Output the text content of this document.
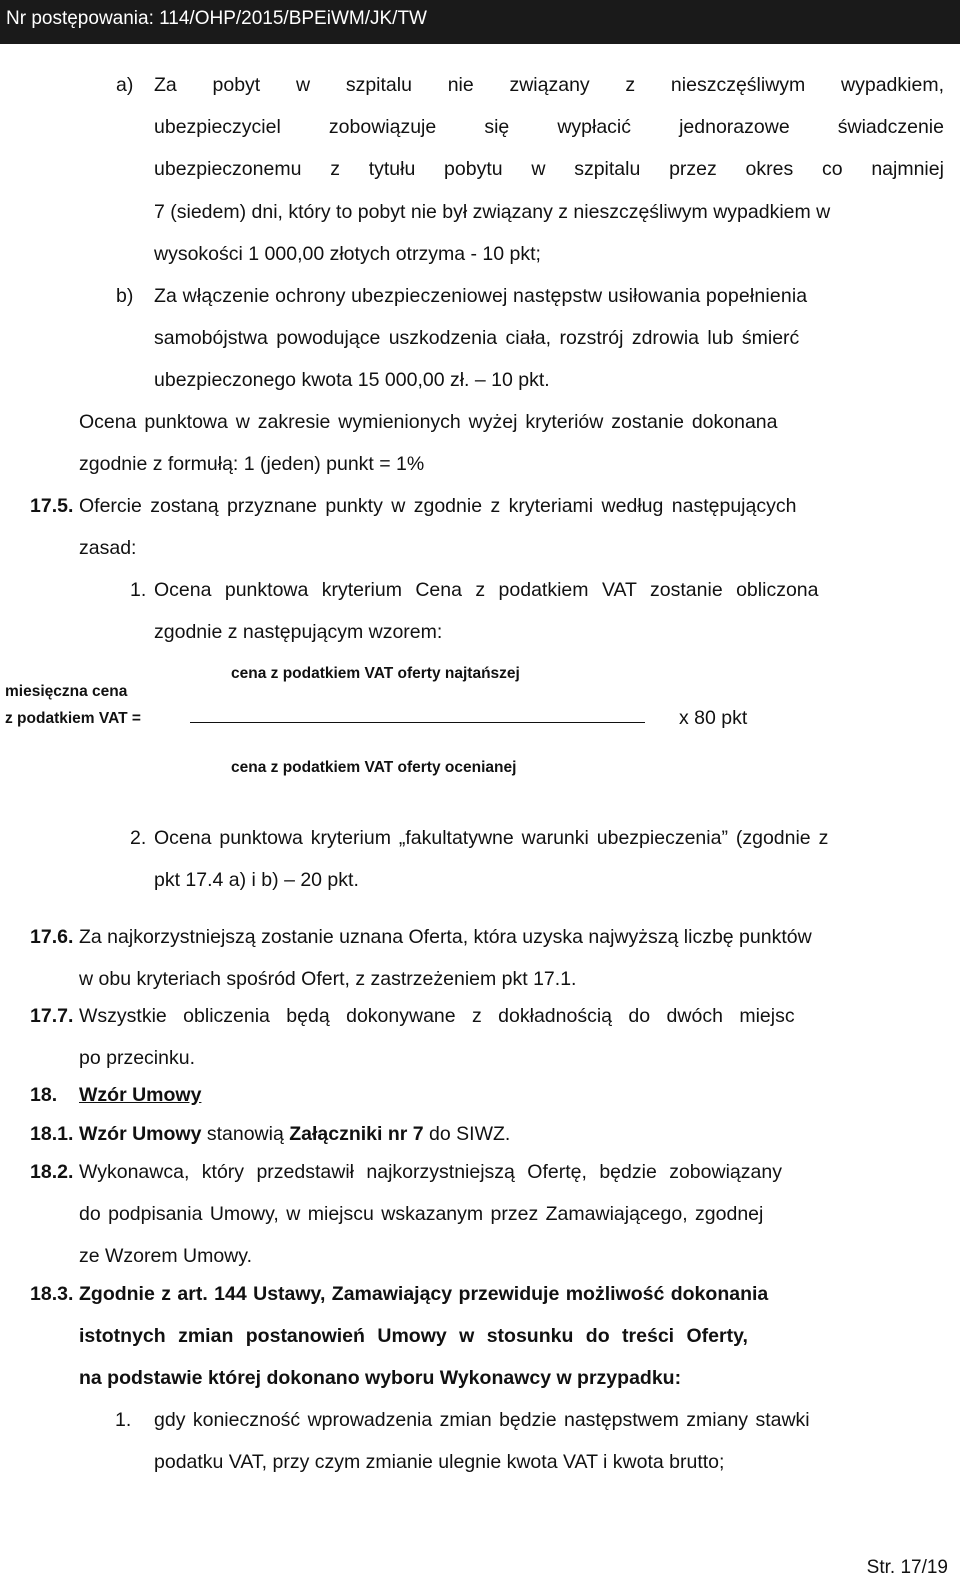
Nr postępowania: 114/OHP/2015/BPEiWM/JK/TW
a) Za pobyt w szpitalu nie związany z nieszczęśliwym wypadkiem,
ubezpieczyciel zobowiązuje się wypłacić jednorazowe świadczenie
ubezpieczonemu z tytułu pobytu w szpitalu przez okres co najmniej
7 (siedem) dni, który to pobyt nie był związany z nieszczęśliwym wypadkiem w
wysokości 1 000,00 złotych otrzyma - 10 pkt;
b) Za włączenie ochrony ubezpieczeniowej następstw usiłowania popełnienia
samobójstwa powodujące uszkodzenia ciała, rozstrój zdrowia lub śmierć
ubezpieczonego kwota 15 000,00 zł. – 10 pkt.
Ocena punktowa w zakresie wymienionych wyżej kryteriów zostanie dokonana
zgodnie z formułą: 1 (jeden) punkt = 1%
17.5. Ofercie zostaną przyznane punkty w zgodnie z kryteriami według następujących
zasad:
1. Ocena punktowa kryterium Cena z podatkiem VAT zostanie obliczona
zgodnie z następującym wzorem:
cena z podatkiem VAT oferty najtańszej
miesięczna cena
z podatkiem VAT =	x 80 pkt
cena z podatkiem VAT oferty ocenianej
2. Ocena punktowa kryterium „fakultatywne warunki ubezpieczenia” (zgodnie z
pkt 17.4 a) i b) – 20 pkt.
17.6. Za najkorzystniejszą zostanie uznana Oferta, która uzyska najwyższą liczbę punktów
w obu kryteriach spośród Ofert, z zastrzeżeniem pkt 17.1.
17.7. Wszystkie obliczenia będą dokonywane z dokładnością do dwóch miejsc
po przecinku.
18. Wzór Umowy
18.1. Wzór Umowy stanowią Załączniki nr 7 do SIWZ.
18.2. Wykonawca, który przedstawił najkorzystniejszą Ofertę, będzie zobowiązany
do podpisania Umowy, w miejscu wskazanym przez Zamawiającego, zgodnej
ze Wzorem Umowy.
18.3. Zgodnie z art. 144 Ustawy, Zamawiający przewiduje możliwość dokonania
istotnych zmian postanowień Umowy w stosunku do treści Oferty,
na podstawie której dokonano wyboru Wykonawcy w przypadku:
1. gdy konieczność wprowadzenia zmian będzie następstwem zmiany stawki
podatku VAT, przy czym zmianie ulegnie kwota VAT i kwota brutto;
Str. 17/19
